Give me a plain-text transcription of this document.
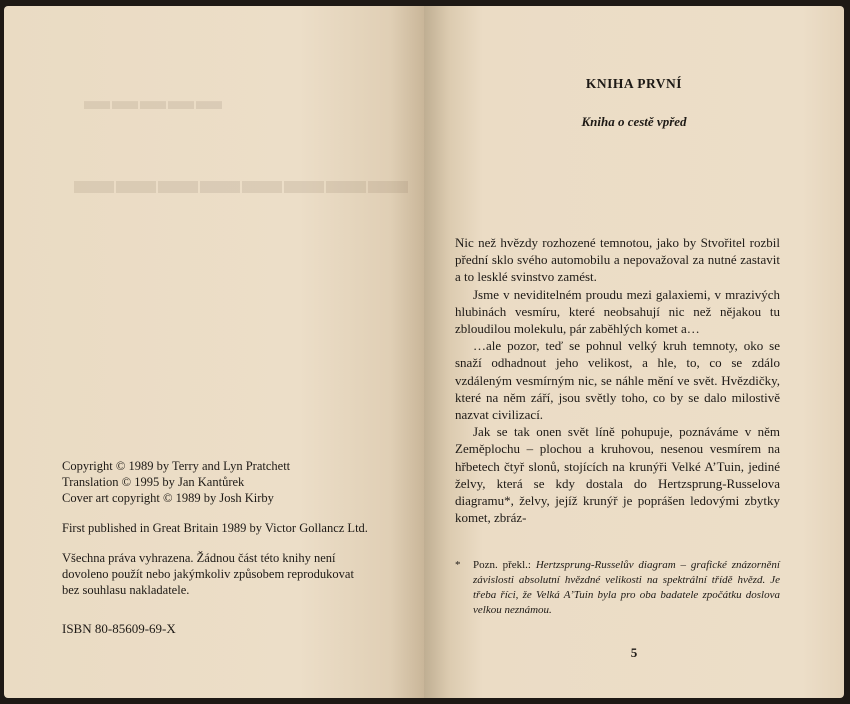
▬▬▬▬▬
▬▬▬▬▬▬▬▬

Copyright © 1989 by Terry and Lyn Pratchett

Translation © 1995 by Jan Kantůrek

Cover art copyright © 1989 by Josh Kirby

First published in Great Britain 1989 by Victor Gollancz Ltd.

Všechna práva vyhrazena. Žádnou část této knihy není

dovoleno použít nebo jakýmkoliv způsobem reprodukovat

bez souhlasu nakladatele.

ISBN 80-85609-69-X
KNIHA PRVNÍ
Kniha o cestě vpřed

Nic než hvězdy rozhozené temnotou, jako by Stvořitel rozbil přední sklo svého automobilu a nepovažoval za nutné zastavit a to lesklé svinstvo zamést.

Jsme v neviditelném proudu mezi galaxiemi, v mrazivých hlubinách vesmíru, které neobsahují nic než nějakou tu zbloudilou molekulu, pár zaběhlých komet a…

…ale pozor, teď se pohnul velký kruh temnoty, oko se snaží odhadnout jeho velikost, a hle, to, co se zdálo vzdáleným vesmírným nic, se náhle mění ve svět. Hvězdičky, které na něm září, jsou světly toho, co by se dalo milostivě nazvat civilizací.

Jak se tak onen svět líně pohupuje, poznáváme v něm Zeměplochu – plochou a kruhovou, nesenou vesmírem na hřbetech čtyř slonů, stojících na krunýři Velké A’Tuin, jediné želvy, která se kdy dostala do Hertzsprung-Russelova diagramu*, želvy, jejíž krunýř je poprášen ledovými zbytky komet, zbráz-

*	Pozn. překl.: Hertzsprung-Russelův diagram – grafické znázornění závislosti absolutní hvězdné velikosti na spektrální třídě hvězd. Je třeba říci, že Velká A’Tuin byla pro oba badatele zpočátku doslova velkou neznámou.
5
